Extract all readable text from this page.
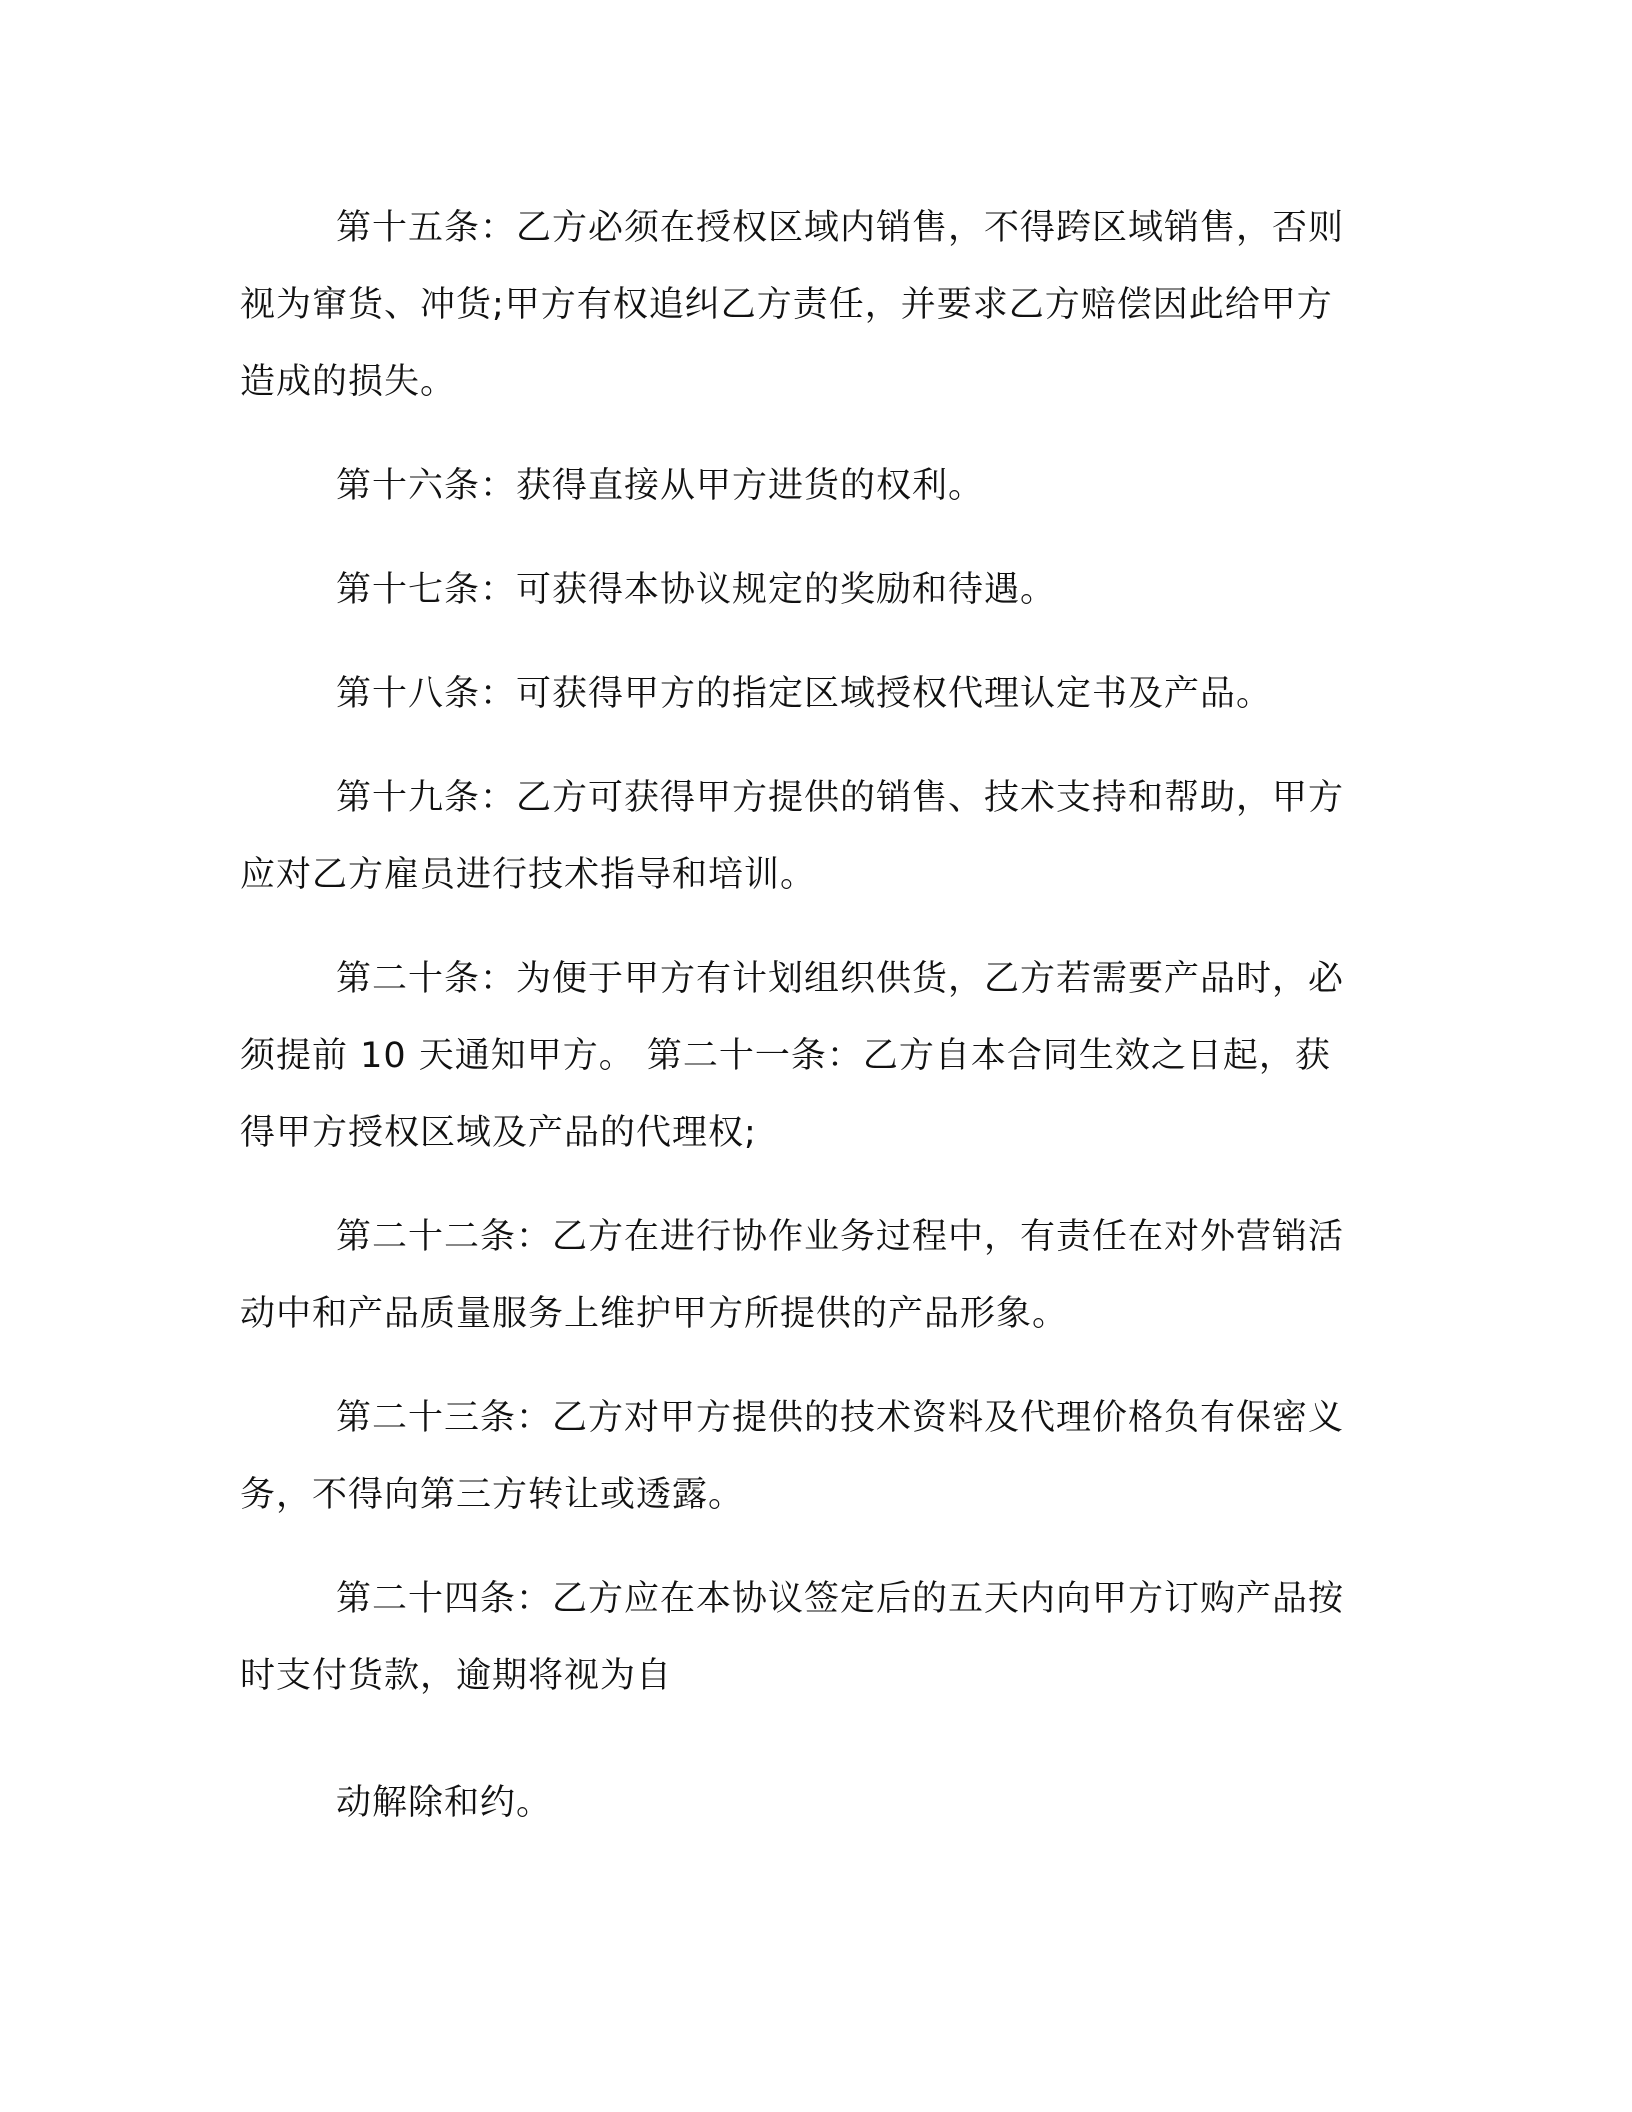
第十五条：乙方必须在授权区域内销售，不得跨区域销售，否则
视为窜货、冲货;甲方有权追纠乙方责任，并要求乙方赔偿因此给甲方
造成的损失。
第十六条：获得直接从甲方进货的权利。
第十七条：可获得本协议规定的奖励和待遇。
第十八条：可获得甲方的指定区域授权代理认定书及产品。
第十九条：乙方可获得甲方提供的销售、技术支持和帮助，甲方
应对乙方雇员进行技术指导和培训。
第二十条：为便于甲方有计划组织供货，乙方若需要产品时，必
须提前 10 天通知甲方。 第二十一条：乙方自本合同生效之日起，获
得甲方授权区域及产品的代理权;
第二十二条：乙方在进行协作业务过程中，有责任在对外营销活
动中和产品质量服务上维护甲方所提供的产品形象。
第二十三条：乙方对甲方提供的技术资料及代理价格负有保密义
务，不得向第三方转让或透露。
第二十四条：乙方应在本协议签定后的五天内向甲方订购产品按
时支付货款，逾期将视为自
动解除和约。
